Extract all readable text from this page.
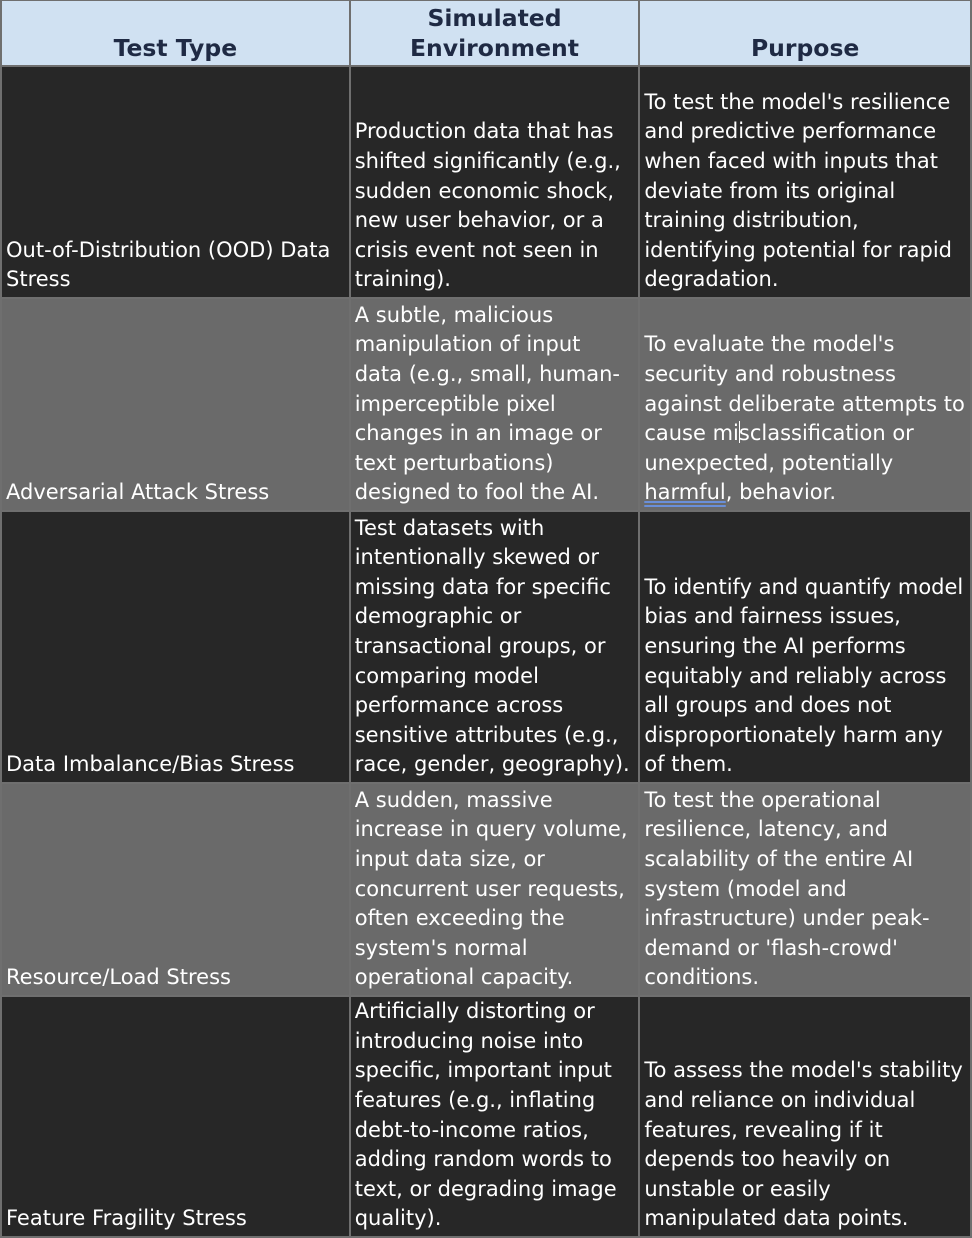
Test Type	Simulated Environment	Purpose
Out-of-Distribution (OOD) Data Stress	Production data that has shifted significantly (e.g., sudden economic shock, new user behavior, or a crisis event not seen in training).	To test the model's resilience and predictive performance when faced with inputs that deviate from its original training distribution, identifying potential for rapid degradation.
Adversarial Attack Stress	A subtle, malicious manipulation of input data (e.g., small, human-imperceptible pixel changes in an image or text perturbations) designed to fool the AI.	To evaluate the model's security and robustness against deliberate attempts to cause misclassification or unexpected, potentially harmful, behavior.
Data Imbalance/Bias Stress	Test datasets with intentionally skewed or missing data for specific demographic or transactional groups, or comparing model performance across sensitive attributes (e.g., race, gender, geography).	To identify and quantify model bias and fairness issues, ensuring the AI performs equitably and reliably across all groups and does not disproportionately harm any of them.
Resource/Load Stress	A sudden, massive increase in query volume, input data size, or concurrent user requests, often exceeding the system's normal operational capacity.	To test the operational resilience, latency, and scalability of the entire AI system (model and infrastructure) under peak-demand or 'flash-crowd' conditions.
Feature Fragility Stress	Artificially distorting or introducing noise into specific, important input features (e.g., inflating debt-to-income ratios, adding random words to text, or degrading image quality).	To assess the model's stability and reliance on individual features, revealing if it depends too heavily on unstable or easily manipulated data points.
